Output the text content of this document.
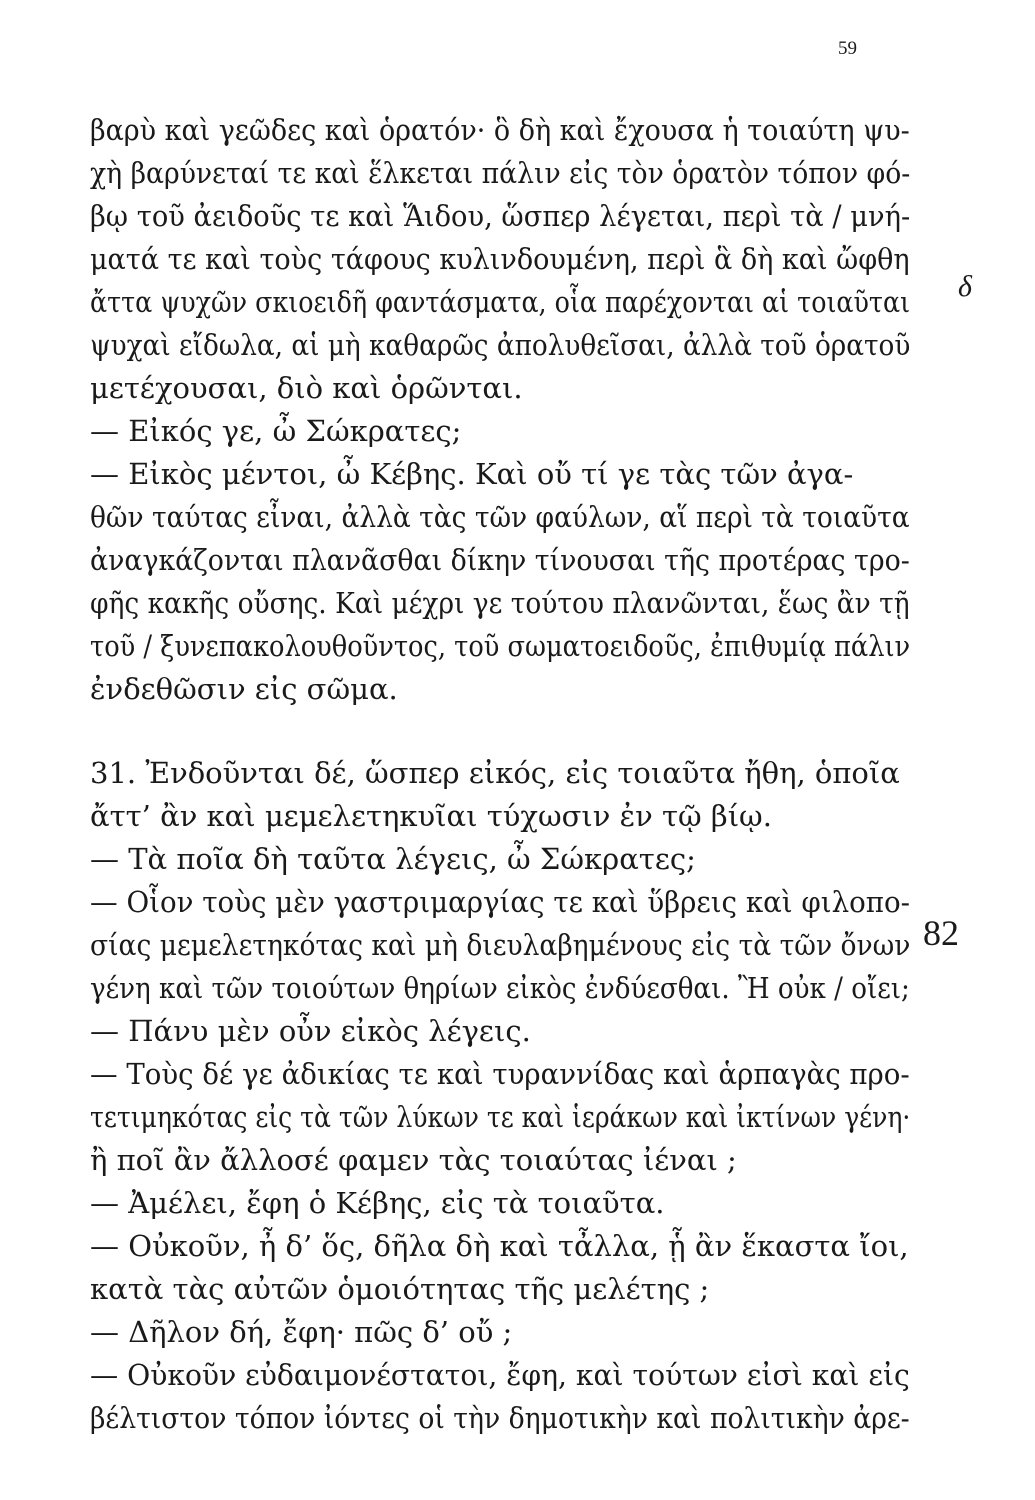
59
δ
82
βαρὺ καὶ γεῶδες καὶ ὁρατόν· ὃ δὴ καὶ ἔχουσα ἡ τοιαύτη ψυ-
χὴ βαρύνεταί τε καὶ ἕλκεται πάλιν εἰς τὸν ὁρατὸν τόπον φό-
βῳ τοῦ ἀειδοῦς τε καὶ Ἅιδου, ὥσπερ λέγεται, περὶ τὰ / μνή-
ματά τε καὶ τοὺς τάφους κυλινδουμένη, περὶ ἃ δὴ καὶ ὤφθη
ἄττα ψυχῶν σκιοειδῆ φαντάσματα, οἷα παρέχονται αἱ τοιαῦται
ψυχαὶ εἴδωλα, αἱ μὴ καθαρῶς ἀπολυθεῖσαι, ἀλλὰ τοῦ ὁρατοῦ
μετέχουσαι, διὸ καὶ ὁρῶνται.
— Εἰκός γε, ὦ Σώκρατες;
— Εἰκὸς μέντοι, ὦ Κέβης. Καὶ οὔ τί γε τὰς τῶν ἀγα-
θῶν ταύτας εἶναι, ἀλλὰ τὰς τῶν φαύλων, αἵ περὶ τὰ τοιαῦτα
ἀναγκάζονται πλανᾶσθαι δίκην τίνουσαι τῆς προτέρας τρο-
φῆς κακῆς οὔσης. Καὶ μέχρι γε τούτου πλανῶνται, ἕως ἂν τῇ
τοῦ / ξυνεπακολουθοῦντος, τοῦ σωματοειδοῦς, ἐπιθυμίᾳ πάλιν
ἐνδεθῶσιν εἰς σῶμα.
31. Ἐνδοῦνται δέ, ὥσπερ εἰκός, εἰς τοιαῦτα ἤθη, ὁποῖα
ἄττ’ ἂν καὶ μεμελετηκυῖαι τύχωσιν ἐν τῷ βίῳ.
— Τὰ ποῖα δὴ ταῦτα λέγεις, ὦ Σώκρατες;
— Οἷον τοὺς μὲν γαστριμαργίας τε καὶ ὕβρεις καὶ φιλοπο-
σίας μεμελετηκότας καὶ μὴ διευλαβημένους εἰς τὰ τῶν ὄνων
γένη καὶ τῶν τοιούτων θηρίων εἰκὸς ἐνδύεσθαι. Ἢ οὐκ / οἴει;
— Πάνυ μὲν οὖν εἰκὸς λέγεις.
— Τοὺς δέ γε ἀδικίας τε καὶ τυραννίδας καὶ ἁρπαγὰς προ-
τετιμηκότας εἰς τὰ τῶν λύκων τε καὶ ἱεράκων καὶ ἰκτίνων γένη·
ἢ ποῖ ἂν ἄλλοσέ φαμεν τὰς τοιαύτας ἰέναι ;
— Ἀμέλει, ἔφη ὁ Κέβης, εἰς τὰ τοιαῦτα.
— Οὐκοῦν, ἦ δ’ ὅς, δῆλα δὴ καὶ τἆλλα, ᾗ ἂν ἕκαστα ἴοι,
κατὰ τὰς αὐτῶν ὁμοιότητας τῆς μελέτης ;
— Δῆλον δή, ἔφη· πῶς δ’ οὔ ;
— Οὐκοῦν εὐδαιμονέστατοι, ἔφη, καὶ τούτων εἰσὶ καὶ εἰς
βέλτιστον τόπον ἰόντες οἱ τὴν δημοτικὴν καὶ πολιτικὴν ἀρε-
